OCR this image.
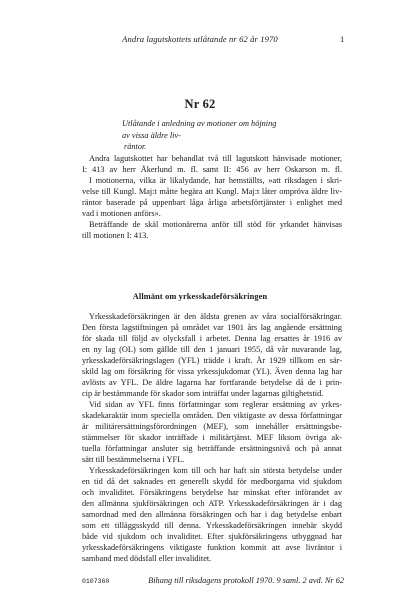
Andra lagutskottets utlåtande nr 62 år 1970	1
Nr 62
Utlåtande i anledning av motioner om höjning av vissa äldre liv-
räntor.
Andra lagutskottet har behandlat två till lagutskott hänvisade motioner,
I: 413 av herr Åkerlund m. fl. samt II: 456 av herr Oskarson m. fl.
I motionerna, vilka är likalydande, har hemställts, »att riksdagen i skri-
velse till Kungl. Maj:t måtte begära att Kungl. Maj:t låter ompröva äldre liv-
räntor baserade på uppenbart låga årliga arbetsförtjänster i enlighet med
vad i motionen anförs».
Beträffande de skäl motionärerna anför till stöd för yrkandet hänvisas
till motionen I: 413.
Allmänt om yrkesskadeförsäkringen
Yrkesskadeförsäkringen är den äldsta grenen av våra socialförsäkringar.
Den första lagstiftningen på området var 1901 års lag angående ersättning
för skada till följd av olycksfall i arbetet. Denna lag ersattes år 1916 av
en ny lag (OL) som gällde till den 1 januari 1955, då vår nuvarande lag,
yrkesskadeförsäkringslagen (YFL) trädde i kraft. År 1929 tillkom en sär-
skild lag om försäkring för vissa yrkessjukdomar (YL). Även denna lag har
avlösts av YFL. De äldre lagarna har fortfarande betydelse då de i prin-
cip är bestämmande för skador som inträffat under lagarnas giltighetstid.
Vid sidan av YFL finns författningar som reglerar ersättning av yrkes-
skadekaraktär inom speciella områden. Den viktigaste av dessa författningar
är militärersättningsförordningen (MEF), som innehåller ersättningsbe-
stämmelser för skador inträffade i militärtjänst. MEF liksom övriga ak-
tuella författningar ansluter sig beträffande ersättningsnivå och på annat
sätt till bestämmelserna i YFL.
Yrkesskadeförsäkringen kom till och har haft sin största betydelse under
en tid då det saknades ett generellt skydd för medborgarna vid sjukdom
och invaliditet. Försäkringens betydelse har minskat efter införandet av
den allmänna sjukförsäkringen och ATP. Yrkesskadeförsäkringen är i dag
samordnad med den allmänna försäkringen och har i dag betydelse enbart
som ett tilläggsskydd till denna. Yrkesskadeförsäkringen innebär skydd
både vid sjukdom och invaliditet. Efter sjukförsäkringens utbyggnad har
yrkesskadeförsäkringens viktigaste funktion kommit att avse livräntor i
samband med dödsfall eller invaliditet.
0107360	Bihang till riksdagens protokoll 1970. 9 saml. 2 avd. Nr 62
